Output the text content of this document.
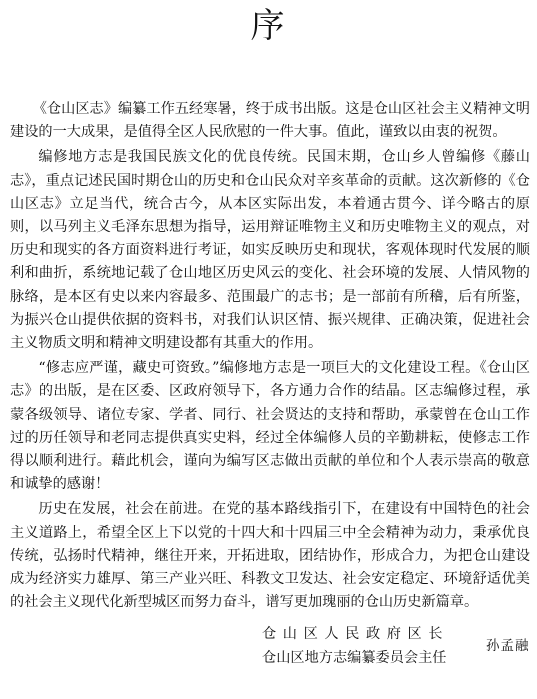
序

《仓山区志》编纂工作五经寒暑，终于成书出版。这是仓山区社会主义精神文明建设的一大成果，是值得全区人民欣慰的一件大事。值此，谨致以由衷的祝贺。

编修地方志是我国民族文化的优良传统。民国末期，仓山乡人曾编修《藤山志》，重点记述民国时期仓山的历史和仓山民众对辛亥革命的贡献。这次新修的《仓山区志》立足当代，统合古今，从本区实际出发，本着通古贯今、详今略古的原则，以马列主义毛泽东思想为指导，运用辩证唯物主义和历史唯物主义的观点，对历史和现实的各方面资料进行考证，如实反映历史和现状，客观体现时代发展的顺利和曲折，系统地记载了仓山地区历史风云的变化、社会环境的发展、人情风物的脉络，是本区有史以来内容最多、范围最广的志书；是一部前有所稽，后有所鉴，为振兴仓山提供依据的资料书，对我们认识区情、振兴规律、正确决策，促进社会主义物质文明和精神文明建设都有其重大的作用。

“修志应严谨，藏史可资致。”编修地方志是一项巨大的文化建设工程。《仓山区志》的出版，是在区委、区政府领导下，各方通力合作的结晶。区志编修过程，承蒙各级领导、诸位专家、学者、同行、社会贤达的支持和帮助，承蒙曾在仓山工作过的历任领导和老同志提供真实史料，经过全体编修人员的辛勤耕耘，使修志工作得以顺利进行。藉此机会，谨向为编写区志做出贡献的单位和个人表示崇高的敬意和诚挚的感谢！

历史在发展，社会在前进。在党的基本路线指引下，在建设有中国特色的社会主义道路上，希望全区上下以党的十四大和十四届三中全会精神为动力，秉承优良传统，弘扬时代精神，继往开来，开拓进取，团结协作，形成合力，为把仓山建设成为经济实力雄厚、第三产业兴旺、科教文卫发达、社会安定稳定、环境舒适优美的社会主义现代化新型城区而努力奋斗，谱写更加瑰丽的仓山历史新篇章。

仓山区人民政府区长
仓山区地方志编纂委员会主任
孙孟融
